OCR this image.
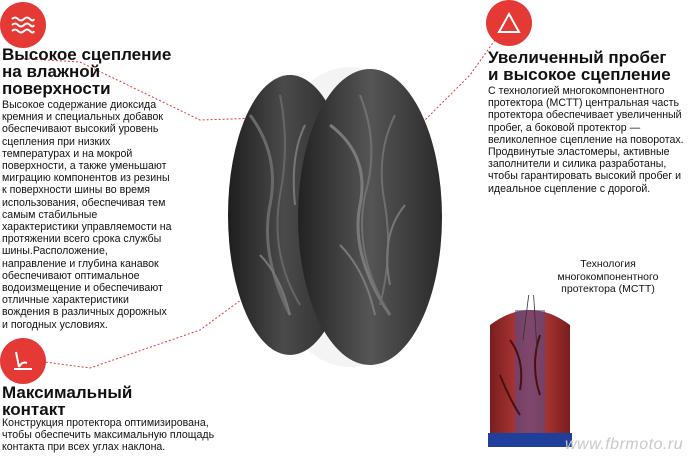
Высокое сцепление
на влажной
поверхности
Высокое содержание диоксида кремния и специальных добавок обеспечивают высокий уровень сцепления при низких температурах и на мокрой поверхности, а также уменьшают миграцию компонентов из резины к поверхности шины во время использования, обеспечивая тем самым стабильные характеристики управляемости на протяжении всего срока службы шины.Расположение, направление и глубина канавок обеспечивают оптимальное водоизмещение и обеспечивают отличные характеристики вождения в различных дорожных и погодных условиях.
Увеличенный пробег
и высокое сцепление
С технологией многокомпонентного протектора (MCTT) центральная часть протектора обеспечивает увеличенный пробег, а боковой протектор — великолепное сцепление на поворотах. Продвинутые эластомеры, активные заполнители и силика разработаны, чтобы гарантировать высокий пробег и идеальное сцепление с дорогой.
Максимальный
контакт
Конструкция протектора оптимизирована, чтобы обеспечить максимальную площадь контакта при всех углах наклона.
Технология многокомпонентного протектора (MCTT)
www.fbrmoto.ru
